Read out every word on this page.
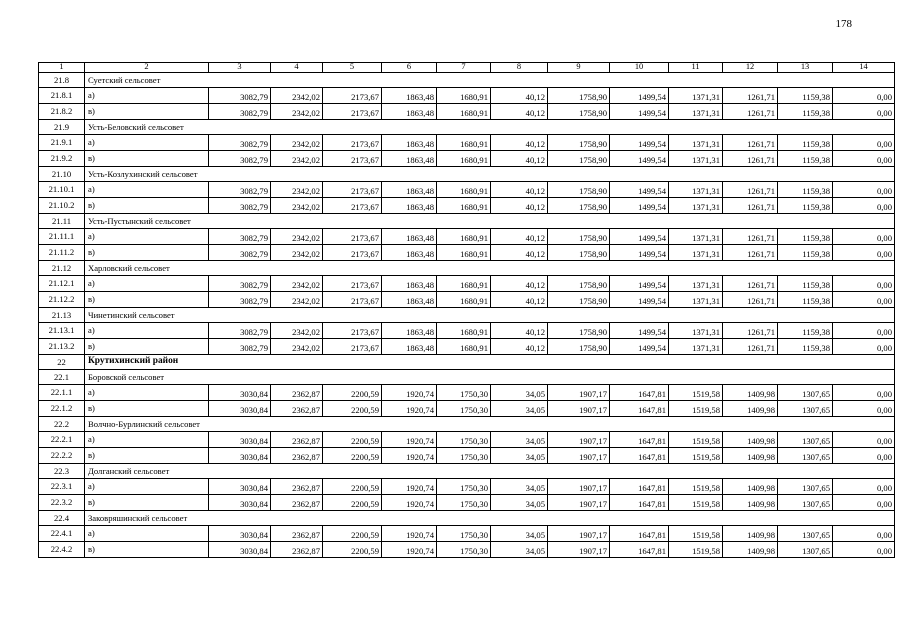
178
1	2	3	4	5	6	7	8	9	10	11	12	13	14
21.8	Суетский сельсовет												
21.8.1	а)	3082,79	2342,02	2173,67	1863,48	1680,91	40,12	1758,90	1499,54	1371,31	1261,71	1159,38	0,00
21.8.2	в)	3082,79	2342,02	2173,67	1863,48	1680,91	40,12	1758,90	1499,54	1371,31	1261,71	1159,38	0,00
21.9	Усть-Беловский сельсовет												
21.9.1	а)	3082,79	2342,02	2173,67	1863,48	1680,91	40,12	1758,90	1499,54	1371,31	1261,71	1159,38	0,00
21.9.2	в)	3082,79	2342,02	2173,67	1863,48	1680,91	40,12	1758,90	1499,54	1371,31	1261,71	1159,38	0,00
21.10	Усть-Козлухинский сельсовет												
21.10.1	а)	3082,79	2342,02	2173,67	1863,48	1680,91	40,12	1758,90	1499,54	1371,31	1261,71	1159,38	0,00
21.10.2	в)	3082,79	2342,02	2173,67	1863,48	1680,91	40,12	1758,90	1499,54	1371,31	1261,71	1159,38	0,00
21.11	Усть-Пустынский сельсовет												
21.11.1	а)	3082,79	2342,02	2173,67	1863,48	1680,91	40,12	1758,90	1499,54	1371,31	1261,71	1159,38	0,00
21.11.2	в)	3082,79	2342,02	2173,67	1863,48	1680,91	40,12	1758,90	1499,54	1371,31	1261,71	1159,38	0,00
21.12	Харловский сельсовет												
21.12.1	а)	3082,79	2342,02	2173,67	1863,48	1680,91	40,12	1758,90	1499,54	1371,31	1261,71	1159,38	0,00
21.12.2	в)	3082,79	2342,02	2173,67	1863,48	1680,91	40,12	1758,90	1499,54	1371,31	1261,71	1159,38	0,00
21.13	Чинетинский сельсовет												
21.13.1	а)	3082,79	2342,02	2173,67	1863,48	1680,91	40,12	1758,90	1499,54	1371,31	1261,71	1159,38	0,00
21.13.2	в)	3082,79	2342,02	2173,67	1863,48	1680,91	40,12	1758,90	1499,54	1371,31	1261,71	1159,38	0,00
22	Крутихинский район												
22.1	Боровской сельсовет												
22.1.1	а)	3030,84	2362,87	2200,59	1920,74	1750,30	34,05	1907,17	1647,81	1519,58	1409,98	1307,65	0,00
22.1.2	в)	3030,84	2362,87	2200,59	1920,74	1750,30	34,05	1907,17	1647,81	1519,58	1409,98	1307,65	0,00
22.2	Волчно-Бурлинский сельсовет												
22.2.1	а)	3030,84	2362,87	2200,59	1920,74	1750,30	34,05	1907,17	1647,81	1519,58	1409,98	1307,65	0,00
22.2.2	в)	3030,84	2362,87	2200,59	1920,74	1750,30	34,05	1907,17	1647,81	1519,58	1409,98	1307,65	0,00
22.3	Долганский сельсовет												
22.3.1	а)	3030,84	2362,87	2200,59	1920,74	1750,30	34,05	1907,17	1647,81	1519,58	1409,98	1307,65	0,00
22.3.2	в)	3030,84	2362,87	2200,59	1920,74	1750,30	34,05	1907,17	1647,81	1519,58	1409,98	1307,65	0,00
22.4	Заковряшинский сельсовет												
22.4.1	а)	3030,84	2362,87	2200,59	1920,74	1750,30	34,05	1907,17	1647,81	1519,58	1409,98	1307,65	0,00
22.4.2	в)	3030,84	2362,87	2200,59	1920,74	1750,30	34,05	1907,17	1647,81	1519,58	1409,98	1307,65	0,00
